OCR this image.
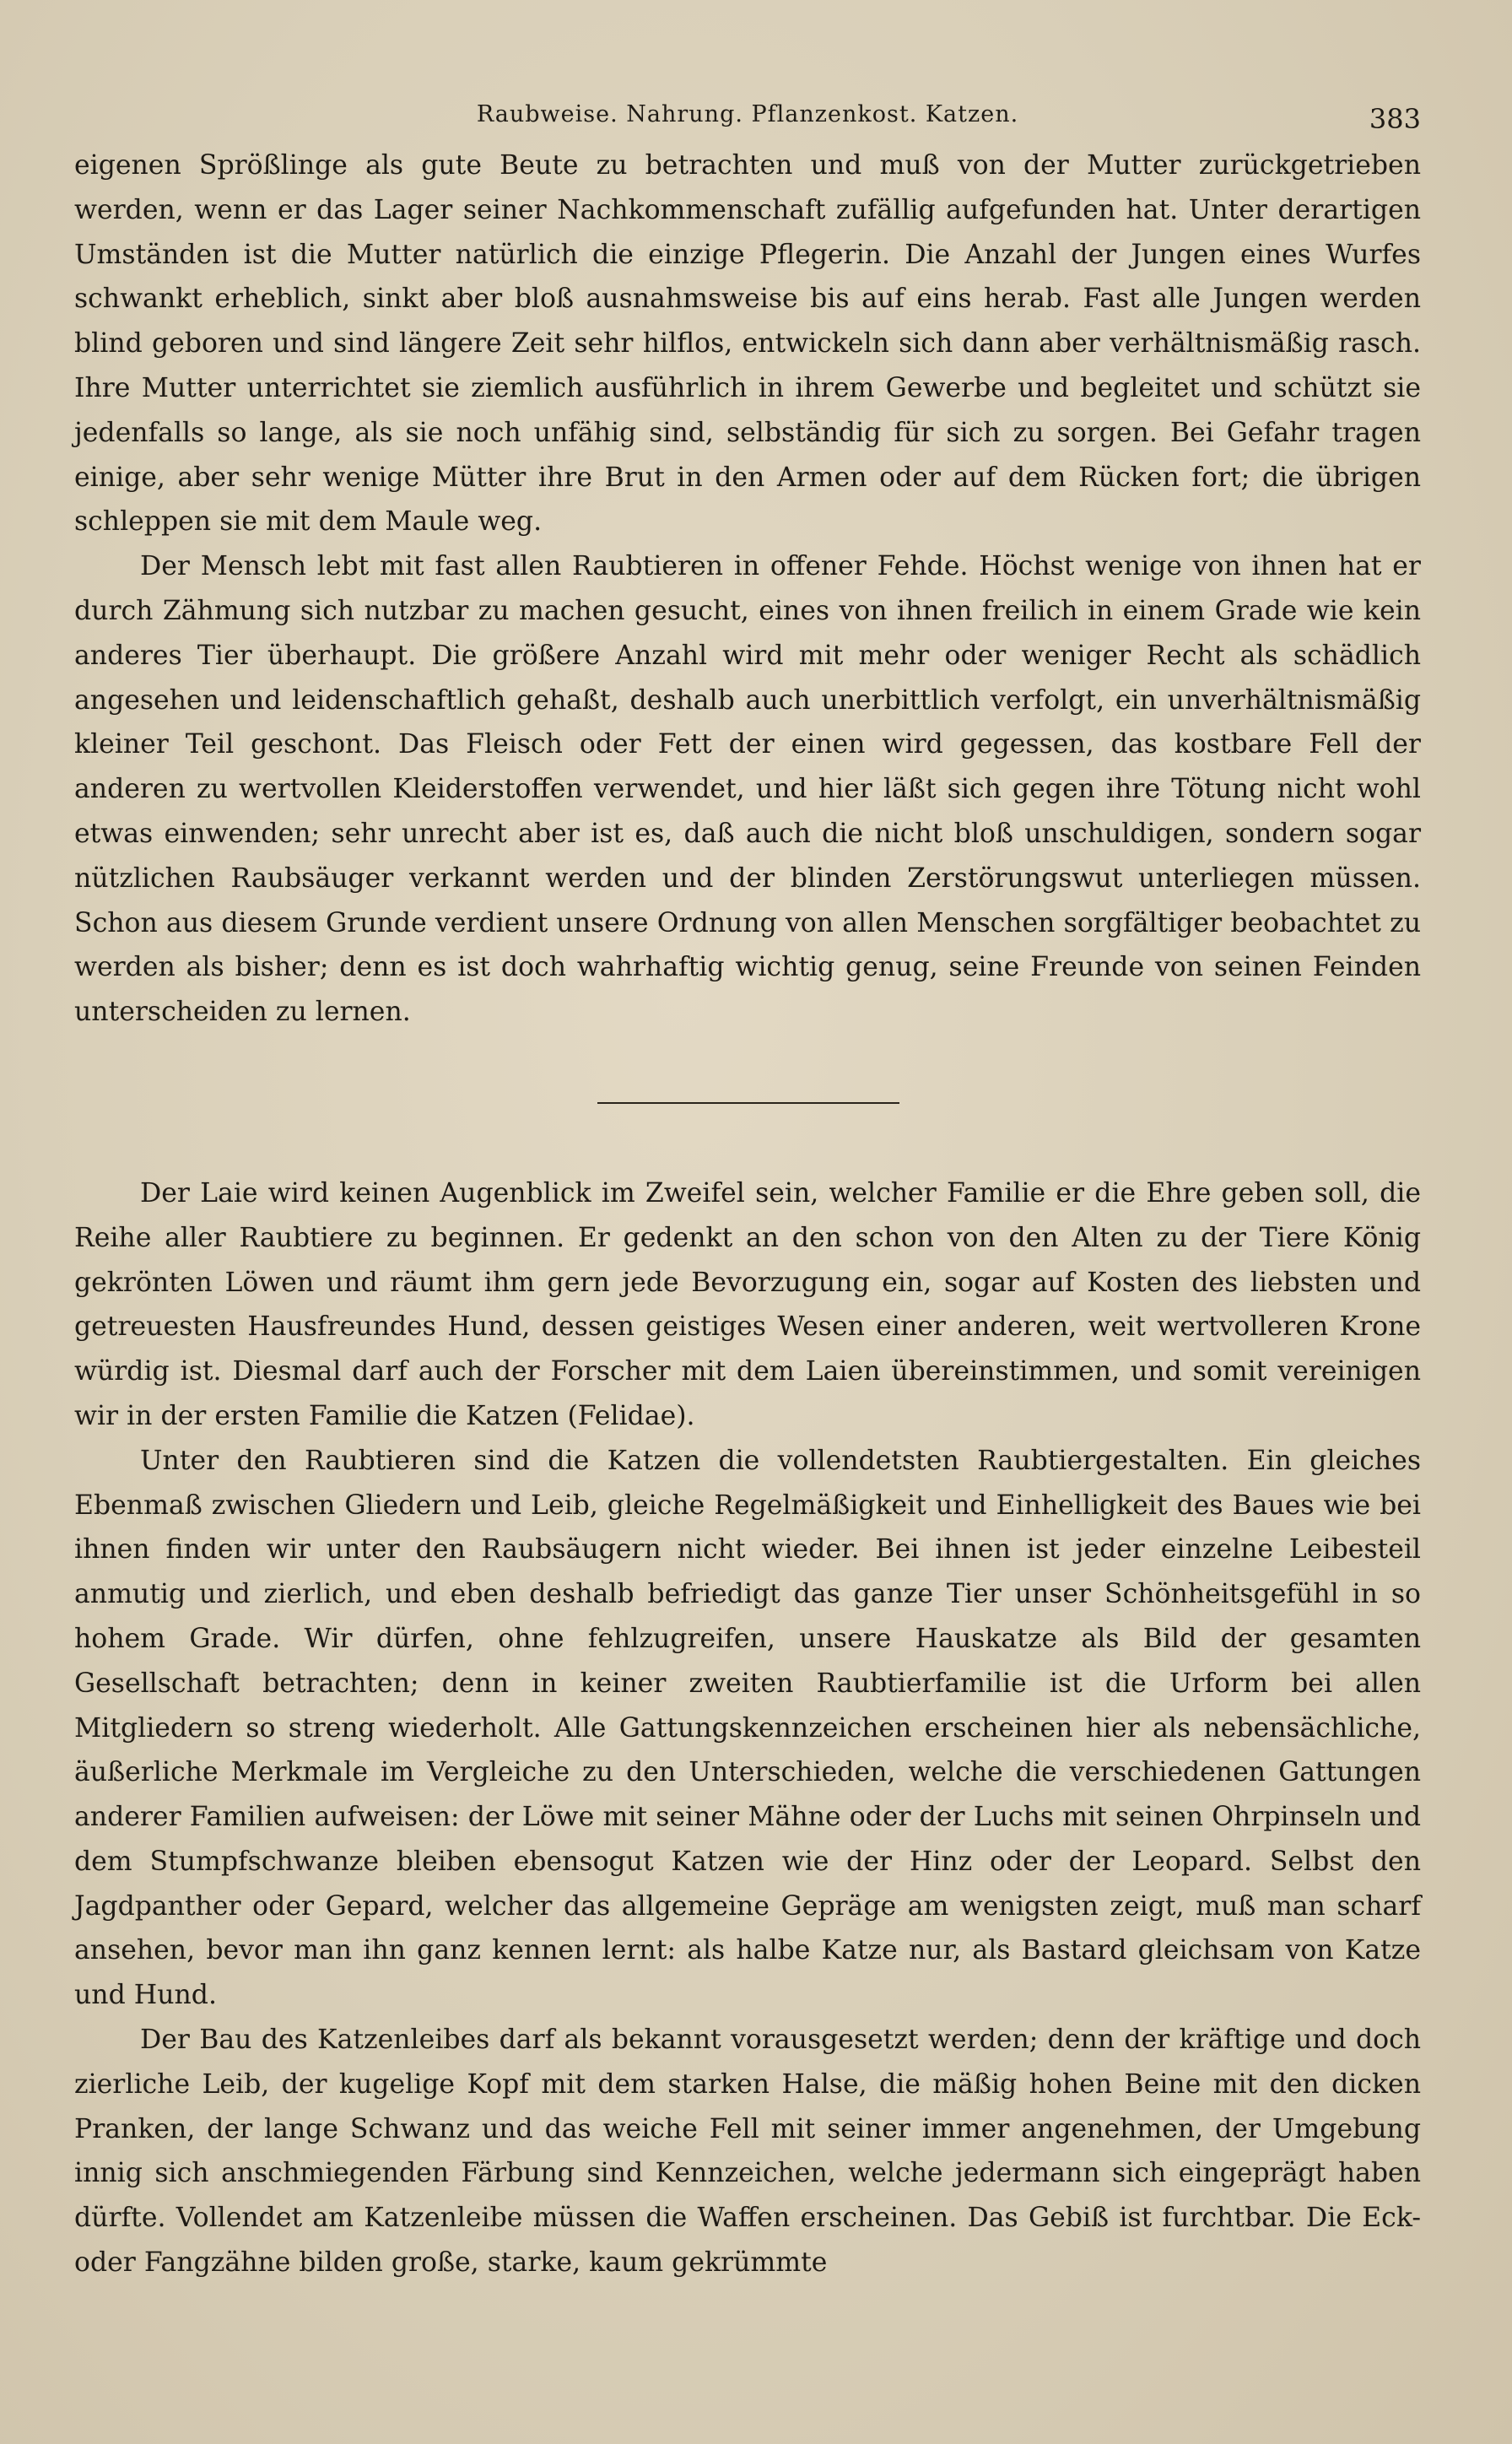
Raubweise. Nahrung. Pflanzenkost. Katzen.	383

eigenen Sprößlinge als gute Beute zu betrachten und muß von der Mutter zurückgetrieben werden, wenn er das Lager seiner Nachkommenschaft zufällig aufgefunden hat. Unter derartigen Umständen ist die Mutter natürlich die einzige Pflegerin. Die Anzahl der Jungen eines Wurfes schwankt erheblich, sinkt aber bloß ausnahmsweise bis auf eins herab. Fast alle Jungen werden blind geboren und sind längere Zeit sehr hilflos, entwickeln sich dann aber verhältnismäßig rasch. Ihre Mutter unterrichtet sie ziemlich ausführlich in ihrem Gewerbe und begleitet und schützt sie jedenfalls so lange, als sie noch unfähig sind, selbständig für sich zu sorgen. Bei Gefahr tragen einige, aber sehr wenige Mütter ihre Brut in den Armen oder auf dem Rücken fort; die übrigen schleppen sie mit dem Maule weg.

Der Mensch lebt mit fast allen Raubtieren in offener Fehde. Höchst wenige von ihnen hat er durch Zähmung sich nutzbar zu machen gesucht, eines von ihnen freilich in einem Grade wie kein anderes Tier überhaupt. Die größere Anzahl wird mit mehr oder weniger Recht als schädlich angesehen und leidenschaftlich gehaßt, deshalb auch unerbittlich verfolgt, ein unverhältnismäßig kleiner Teil geschont. Das Fleisch oder Fett der einen wird gegessen, das kostbare Fell der anderen zu wertvollen Kleiderstoffen verwendet, und hier läßt sich gegen ihre Tötung nicht wohl etwas einwenden; sehr unrecht aber ist es, daß auch die nicht bloß unschuldigen, sondern sogar nützlichen Raubsäuger verkannt werden und der blinden Zerstörungswut unterliegen müssen. Schon aus diesem Grunde verdient unsere Ordnung von allen Menschen sorgfältiger beobachtet zu werden als bisher; denn es ist doch wahrhaftig wichtig genug, seine Freunde von seinen Feinden unterscheiden zu lernen.

Der Laie wird keinen Augenblick im Zweifel sein, welcher Familie er die Ehre geben soll, die Reihe aller Raubtiere zu beginnen. Er gedenkt an den schon von den Alten zu der Tiere König gekrönten Löwen und räumt ihm gern jede Bevorzugung ein, sogar auf Kosten des liebsten und getreuesten Hausfreundes Hund, dessen geistiges Wesen einer anderen, weit wertvolleren Krone würdig ist. Diesmal darf auch der Forscher mit dem Laien übereinstimmen, und somit vereinigen wir in der ersten Familie die Katzen (Felidae).

Unter den Raubtieren sind die Katzen die vollendetsten Raubtiergestalten. Ein gleiches Ebenmaß zwischen Gliedern und Leib, gleiche Regelmäßigkeit und Einhelligkeit des Baues wie bei ihnen finden wir unter den Raubsäugern nicht wieder. Bei ihnen ist jeder einzelne Leibesteil anmutig und zierlich, und eben deshalb befriedigt das ganze Tier unser Schönheitsgefühl in so hohem Grade. Wir dürfen, ohne fehlzugreifen, unsere Hauskatze als Bild der gesamten Gesellschaft betrachten; denn in keiner zweiten Raubtierfamilie ist die Urform bei allen Mitgliedern so streng wiederholt. Alle Gattungskennzeichen erscheinen hier als nebensächliche, äußerliche Merkmale im Vergleiche zu den Unterschieden, welche die verschiedenen Gattungen anderer Familien aufweisen: der Löwe mit seiner Mähne oder der Luchs mit seinen Ohrpinseln und dem Stumpfschwanze bleiben ebensogut Katzen wie der Hinz oder der Leopard. Selbst den Jagdpanther oder Gepard, welcher das allgemeine Gepräge am wenigsten zeigt, muß man scharf ansehen, bevor man ihn ganz kennen lernt: als halbe Katze nur, als Bastard gleichsam von Katze und Hund.

Der Bau des Katzenleibes darf als bekannt vorausgesetzt werden; denn der kräftige und doch zierliche Leib, der kugelige Kopf mit dem starken Halse, die mäßig hohen Beine mit den dicken Pranken, der lange Schwanz und das weiche Fell mit seiner immer angenehmen, der Umgebung innig sich anschmiegenden Färbung sind Kennzeichen, welche jedermann sich eingeprägt haben dürfte. Vollendet am Katzenleibe müssen die Waffen erscheinen. Das Gebiß ist furchtbar. Die Eck- oder Fangzähne bilden große, starke, kaum gekrümmte
